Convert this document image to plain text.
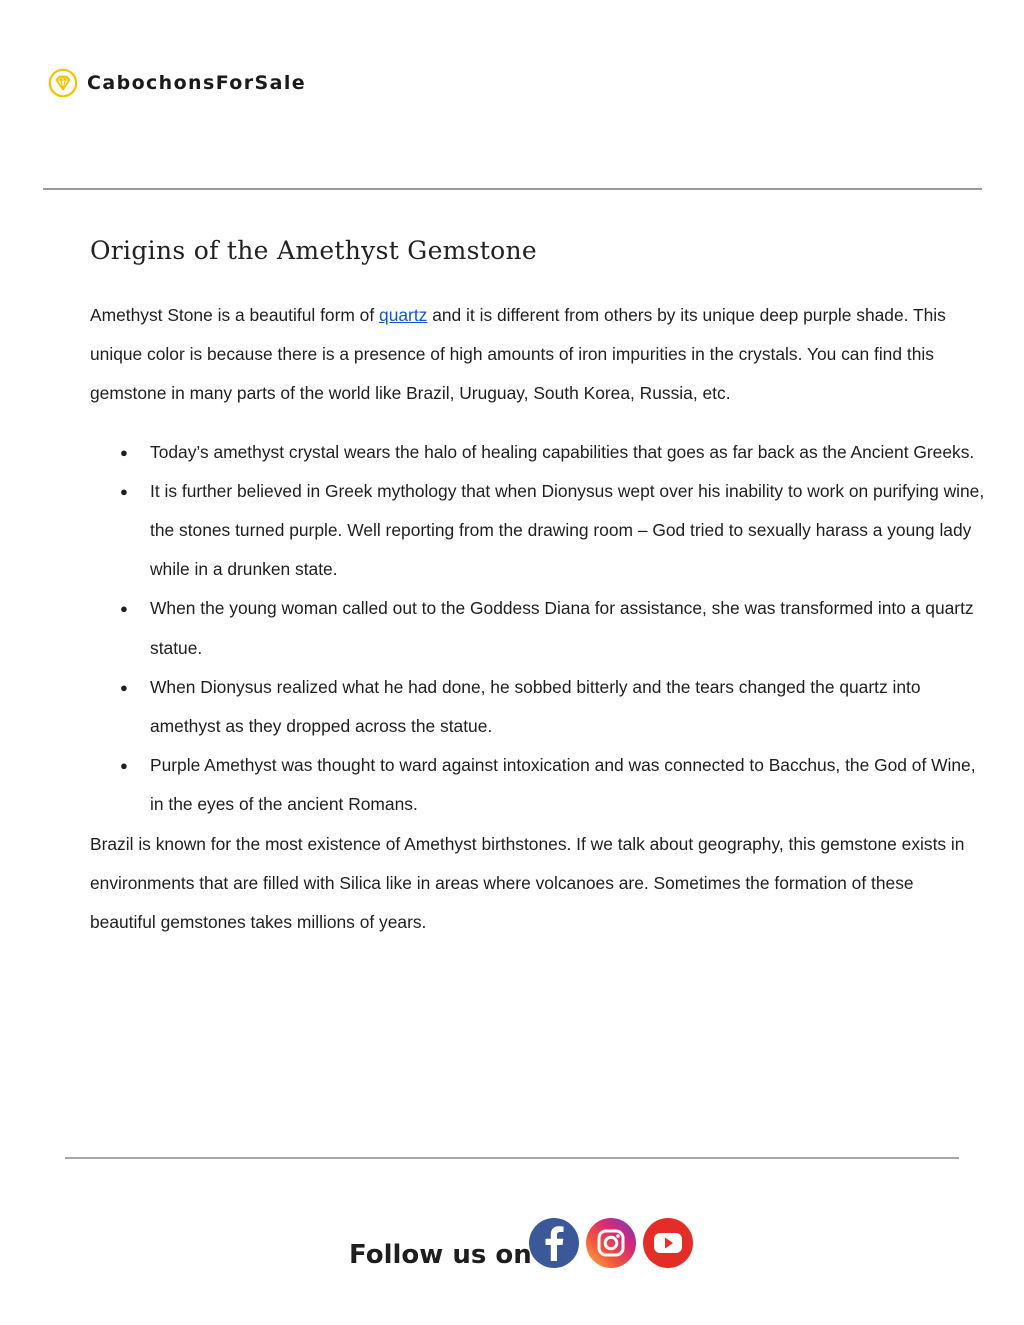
CabochonsForSale
Origins of the Amethyst Gemstone

Amethyst Stone is a beautiful form of quartz and it is different from others by its unique deep purple shade. This unique color is because there is a presence of high amounts of iron impurities in the crystals. You can find this gemstone in many parts of the world like Brazil, Uruguay, South Korea, Russia, etc.

● Today’s amethyst crystal wears the halo of healing capabilities that goes as far back as the Ancient Greeks.
● It is further believed in Greek mythology that when Dionysus wept over his inability to work on purifying wine, the stones turned purple. Well reporting from the drawing room – God tried to sexually harass a young lady while in a drunken state.
● When the young woman called out to the Goddess Diana for assistance, she was transformed into a quartz statue.
● When Dionysus realized what he had done, he sobbed bitterly and the tears changed the quartz into amethyst as they dropped across the statue.
● Purple Amethyst was thought to ward against intoxication and was connected to Bacchus, the God of Wine, in the eyes of the ancient Romans.

Brazil is known for the most existence of Amethyst birthstones. If we talk about geography, this gemstone exists in environments that are filled with Silica like in areas where volcanoes are. Sometimes the formation of these beautiful gemstones takes millions of years.

Follow us on
